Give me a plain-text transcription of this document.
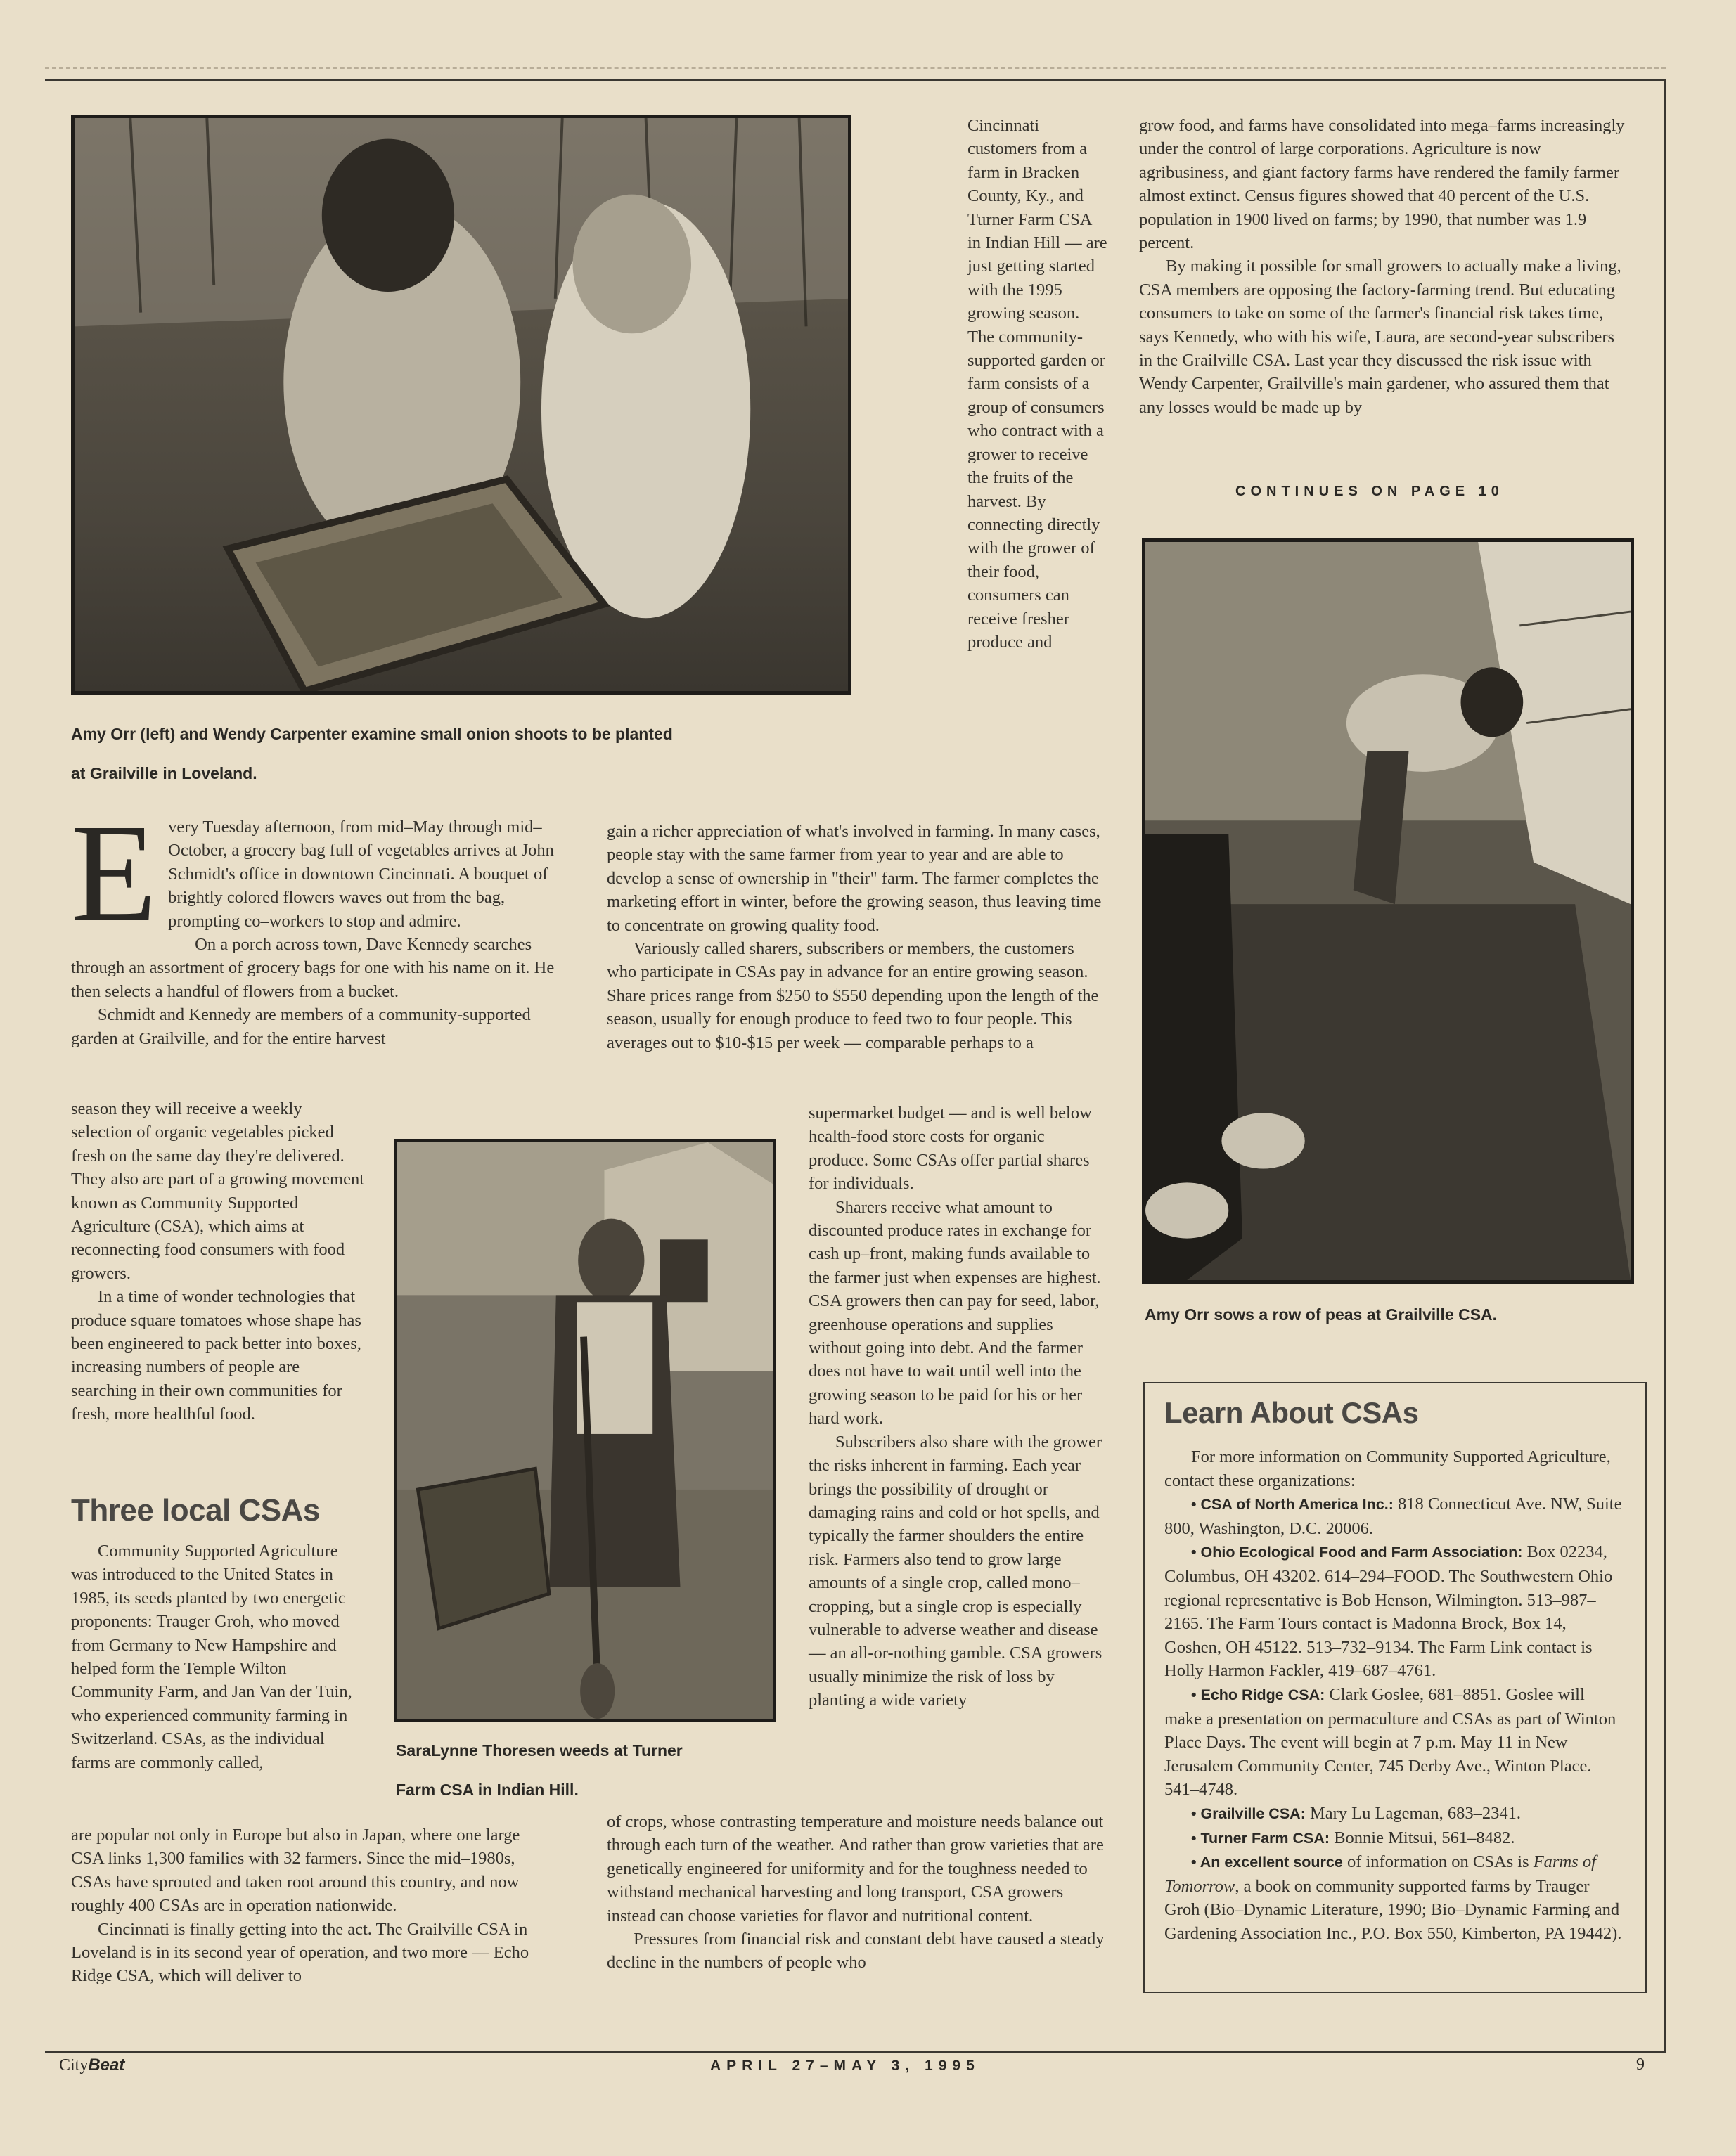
Amy Orr (left) and Wendy Carpenter examine small onion shoots to be planted
at Grailville in Loveland.
E very Tuesday afternoon, from mid–May through mid–October, a grocery bag full of vegetables arrives at John Schmidt's office in downtown Cincinnati. A bouquet of brightly colored flowers waves out from the bag, prompting co–workers to stop and admire.

On a porch across town, Dave Kennedy searches through an assortment of grocery bags for one with his name on it. He then selects a handful of flowers from a bucket.

Schmidt and Kennedy are members of a community-supported garden at Grailville, and for the entire harvest

season they will receive a weekly selection of organic vegetables picked fresh on the same day they're delivered. They also are part of a growing movement known as Community Supported Agriculture (CSA), which aims at reconnecting food consumers with food growers.

In a time of wonder technologies that produce square tomatoes whose shape has been engineered to pack better into boxes, increasing numbers of people are searching in their own communities for fresh, more healthful food.

Three local CSAs

Community Supported Agriculture was introduced to the United States in 1985, its seeds planted by two energetic proponents: Trauger Groh, who moved from Germany to New Hampshire and helped form the Temple Wilton Community Farm, and Jan Van der Tuin, who experienced community farming in Switzerland. CSAs, as the individual farms are commonly called,

are popular not only in Europe but also in Japan, where one large CSA links 1,300 families with 32 farmers. Since the mid–1980s, CSAs have sprouted and taken root around this country, and now roughly 400 CSAs are in operation nationwide.

Cincinnati is finally getting into the act. The Grailville CSA in Loveland is in its second year of operation, and two more — Echo Ridge CSA, which will deliver to

SaraLynne Thoresen weeds at Turner
Farm CSA in Indian Hill.

Cincinnati customers from a farm in Bracken County, Ky., and Turner Farm CSA in Indian Hill — are just getting started with the 1995 growing season. The community-supported garden or farm consists of a group of consumers who contract with a grower to receive the fruits of the harvest. By connecting directly with the grower of their food, consumers can receive fresher produce and

gain a richer appreciation of what's involved in farming. In many cases, people stay with the same farmer from year to year and are able to develop a sense of ownership in "their" farm. The farmer completes the marketing effort in winter, before the growing season, thus leaving time to concentrate on growing quality food.

Variously called sharers, subscribers or members, the customers who participate in CSAs pay in advance for an entire growing season. Share prices range from $250 to $550 depending upon the length of the season, usually for enough produce to feed two to four people. This averages out to $10-$15 per week — comparable perhaps to a

supermarket budget — and is well below health-food store costs for organic produce. Some CSAs offer partial shares for individuals.

Sharers receive what amount to discounted produce rates in exchange for cash up–front, making funds available to the farmer just when expenses are highest. CSA growers then can pay for seed, labor, greenhouse operations and supplies without going into debt. And the farmer does not have to wait until well into the growing season to be paid for his or her hard work.

Subscribers also share with the grower the risks inherent in farming. Each year brings the possibility of drought or damaging rains and cold or hot spells, and typically the farmer shoulders the entire risk. Farmers also tend to grow large amounts of a single crop, called mono–cropping, but a single crop is especially vulnerable to adverse weather and disease — an all-or-nothing gamble. CSA growers usually minimize the risk of loss by planting a wide variety

of crops, whose contrasting temperature and moisture needs balance out through each turn of the weather. And rather than grow varieties that are genetically engineered for uniformity and for the toughness needed to withstand mechanical harvesting and long transport, CSA growers instead can choose varieties for flavor and nutritional content.

Pressures from financial risk and constant debt have caused a steady decline in the numbers of people who

grow food, and farms have consolidated into mega–farms increasingly under the control of large corporations. Agriculture is now agribusiness, and giant factory farms have rendered the family farmer almost extinct. Census figures showed that 40 percent of the U.S. population in 1900 lived on farms; by 1990, that number was 1.9 percent.

By making it possible for small growers to actually make a living, CSA members are opposing the factory-farming trend. But educating consumers to take on some of the farmer's financial risk takes time, says Kennedy, who with his wife, Laura, are second-year subscribers in the Grailville CSA. Last year they discussed the risk issue with Wendy Carpenter, Grailville's main gardener, who assured them that any losses would be made up by

CONTINUES ON PAGE 10
Amy Orr sows a row of peas at Grailville CSA.
Learn About CSAs

For more information on Community Supported Agriculture, contact these organizations:

• CSA of North America Inc.: 818 Connecticut Ave. NW, Suite 800, Washington, D.C. 20006.

• Ohio Ecological Food and Farm Association: Box 02234, Columbus, OH 43202. 614–294–FOOD. The Southwestern Ohio regional representative is Bob Henson, Wilmington. 513–987–2165. The Farm Tours contact is Madonna Brock, Box 14, Goshen, OH 45122. 513–732–9134. The Farm Link contact is Holly Harmon Fackler, 419–687–4761.

• Echo Ridge CSA: Clark Goslee, 681–8851. Goslee will make a presentation on permaculture and CSAs as part of Winton Place Days. The event will begin at 7 p.m. May 11 in New Jerusalem Community Center, 745 Derby Ave., Winton Place. 541–4748.

• Grailville CSA: Mary Lu Lageman, 683–2341.

• Turner Farm CSA: Bonnie Mitsui, 561–8482.

• An excellent source of information on CSAs is Farms of Tomorrow, a book on community supported farms by Trauger Groh (Bio–Dynamic Literature, 1990; Bio–Dynamic Farming and Gardening Association Inc., P.O. Box 550, Kimberton, PA 19442).

CityBeat	APRIL 27–MAY 3, 1995	9
